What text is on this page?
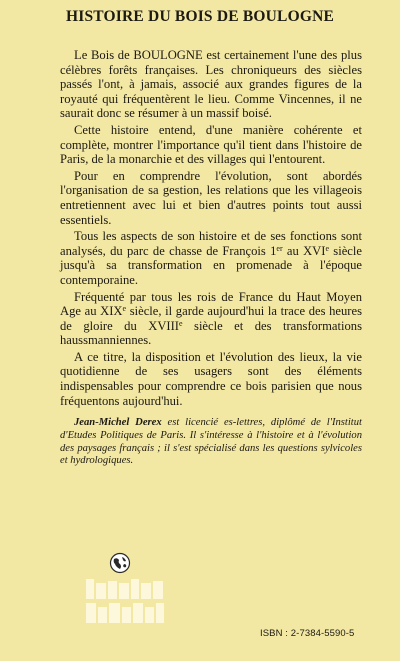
HISTOIRE DU BOIS DE BOULOGNE

Le Bois de BOULOGNE est certainement l'une des plus célèbres forêts françaises. Les chroniqueurs des siècles passés l'ont, à jamais, associé aux grandes figures de la royauté qui fréquentèrent le lieu. Comme Vincennes, il ne saurait donc se résumer à un massif boisé.

Cette histoire entend, d'une manière cohérente et complète, montrer l'importance qu'il tient dans l'histoire de Paris, de la monarchie et des villages qui l'entourent.

Pour en comprendre l'évolution, sont abordés l'organisation de sa gestion, les relations que les villageois entretiennent avec lui et bien d'autres points tout aussi essentiels.

Tous les aspects de son histoire et de ses fonctions sont analysés, du parc de chasse de François 1er au XVIe siècle jusqu'à sa transformation en promenade à l'époque contemporaine.

Fréquenté par tous les rois de France du Haut Moyen Age au XIXe siècle, il garde aujourd'hui la trace des heures de gloire du XVIIIe siècle et des transformations haussmanniennes.

A ce titre, la disposition et l'évolution des lieux, la vie quotidienne de ses usagers sont des éléments indispensables pour comprendre ce bois parisien que nous fréquentons aujourd'hui.

Jean-Michel Derex est licencié es-lettres, diplômé de l'Institut d'Etudes Politiques de Paris. Il s'intéresse à l'histoire et à l'évolution des paysages français ; il s'est spécialisé dans les questions sylvicoles et hydrologiques.

ISBN : 2-7384-5590-5
